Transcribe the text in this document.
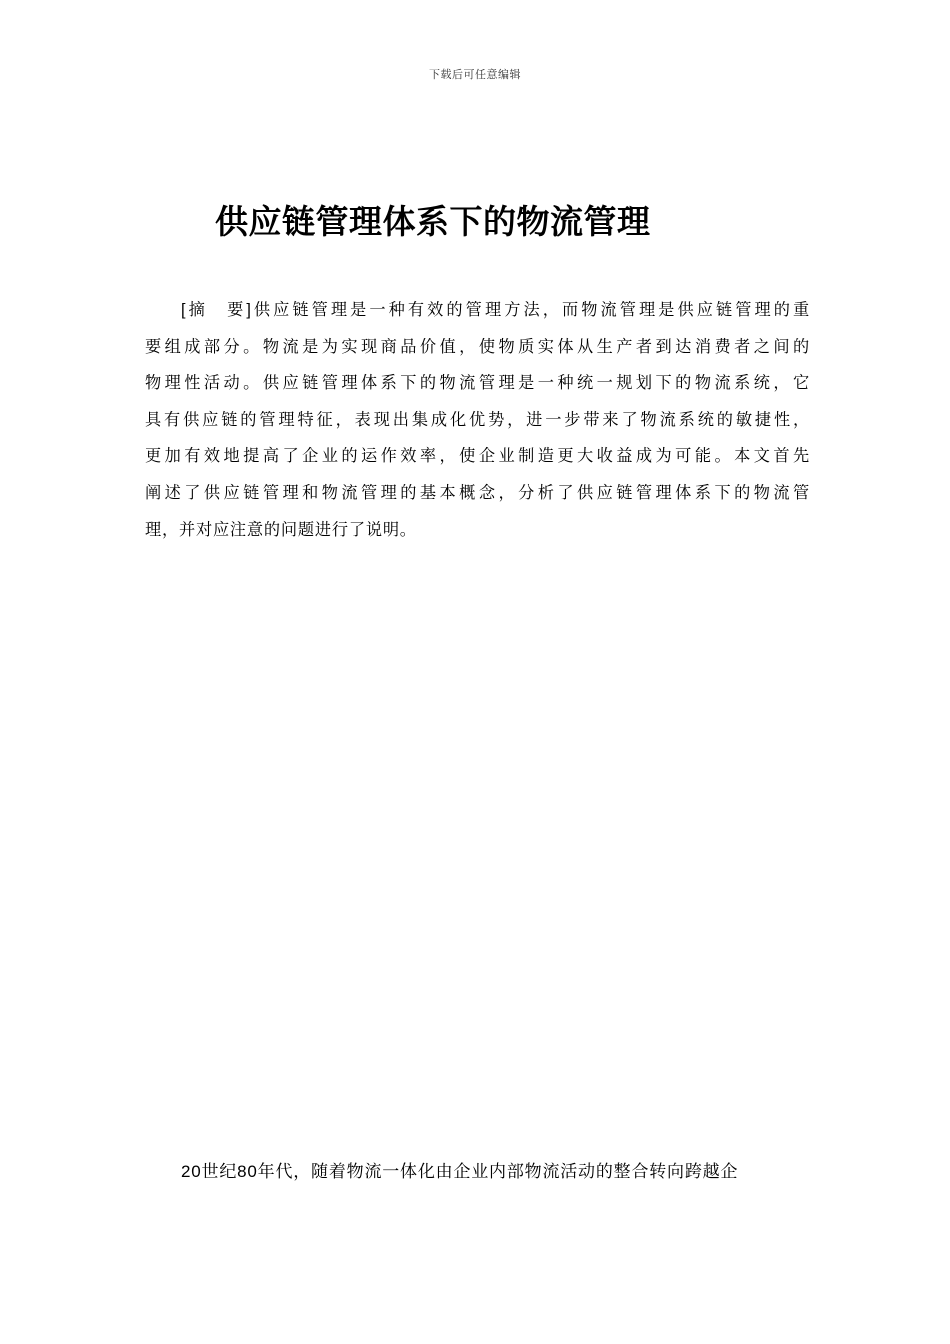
下载后可任意编辑
供应链管理体系下的物流管理
[摘　要]供应链管理是一种有效的管理方法，而物流管理是供应链管理的重
要组成部分。物流是为实现商品价值，使物质实体从生产者到达消费者之间的
物理性活动。供应链管理体系下的物流管理是一种统一规划下的物流系统，它
具有供应链的管理特征，表现出集成化优势，进一步带来了物流系统的敏捷性，
更加有效地提高了企业的运作效率，使企业制造更大收益成为可能。本文首先
阐述了供应链管理和物流管理的基本概念，分析了供应链管理体系下的物流管
理，并对应注意的问题进行了说明。
20世纪80年代，随着物流一体化由企业内部物流活动的整合转向跨越企
